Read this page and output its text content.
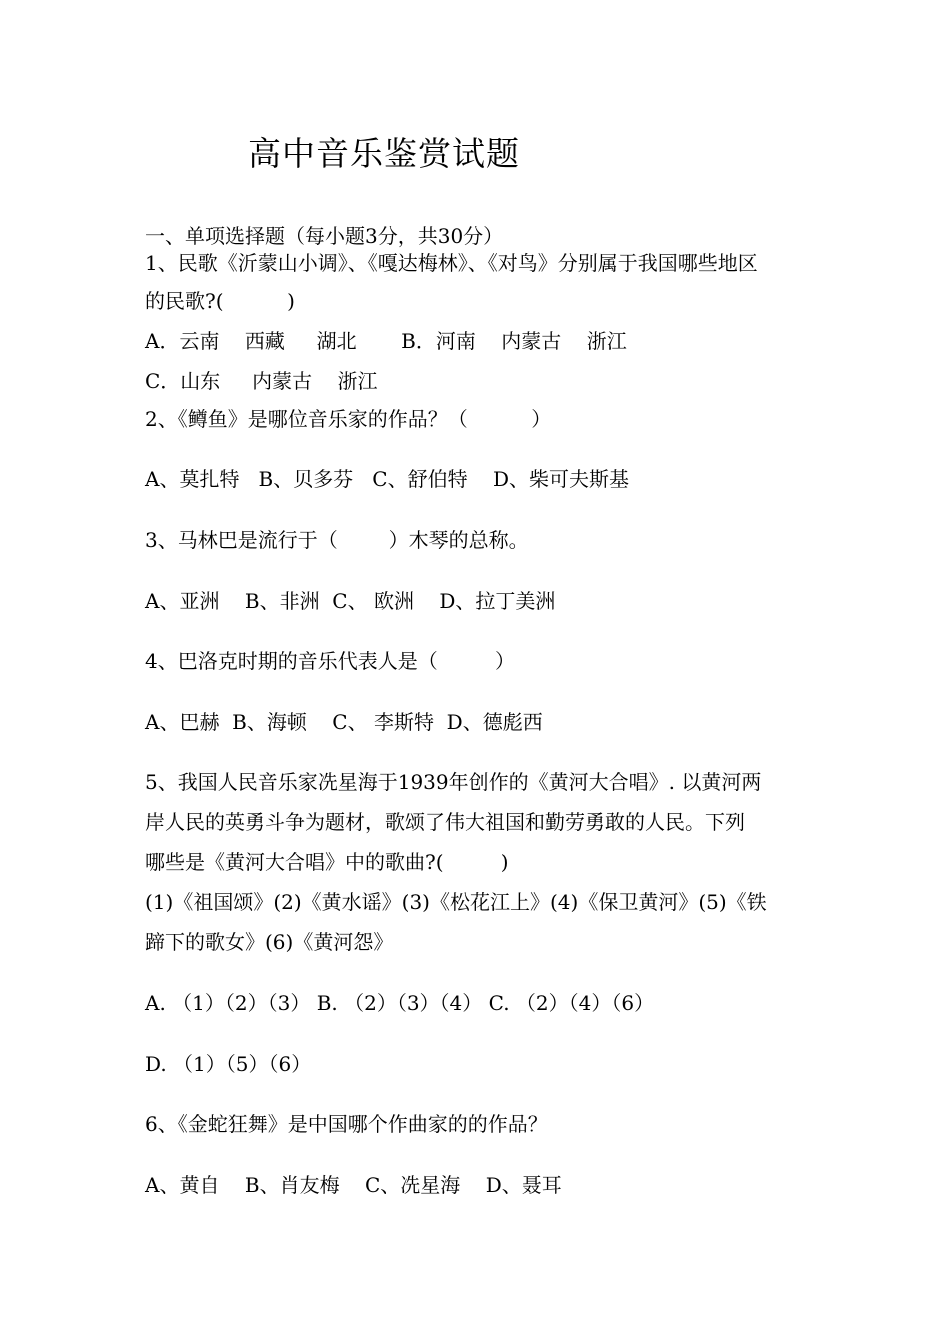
高中音乐鉴赏试题
一、单项选择题（每小题3分，共30分）
1、民歌《沂蒙山小调》、《嘎达梅林》、《对鸟》分别属于我国哪些地区
的民歌?(          )
A．云南    西藏     湖北       B．河南    内蒙古    浙江
C．山东     内蒙古    浙江
2、《鳟鱼》是哪位音乐家的作品？（          ）
A、莫扎特   B、贝多芬   C、舒伯特    D、柴可夫斯基
3、马林巴是流行于（        ）木琴的总称。
A、亚洲    B、非洲  C、 欧洲    D、拉丁美洲
4、巴洛克时期的音乐代表人是（         ）
A、巴赫  B、海顿    C、 李斯特  D、德彪西
5、我国人民音乐家冼星海于1939年创作的《黄河大合唱》. 以黄河两
岸人民的英勇斗争为题材，歌颂了伟大祖国和勤劳勇敢的人民。下列
哪些是《黄河大合唱》中的歌曲?(         )
(1)《祖国颂》(2)《黄水谣》(3)《松花江上》(4)《保卫黄河》(5)《铁
蹄下的歌女》(6)《黄河怨》
A. （1）（2）（3） B. （2）（3）（4） C. （2）（4）（6）
D. （1）（5）（6）
6、《金蛇狂舞》是中国哪个作曲家的的作品？
A、黄自    B、肖友梅    C、冼星海    D、聂耳
